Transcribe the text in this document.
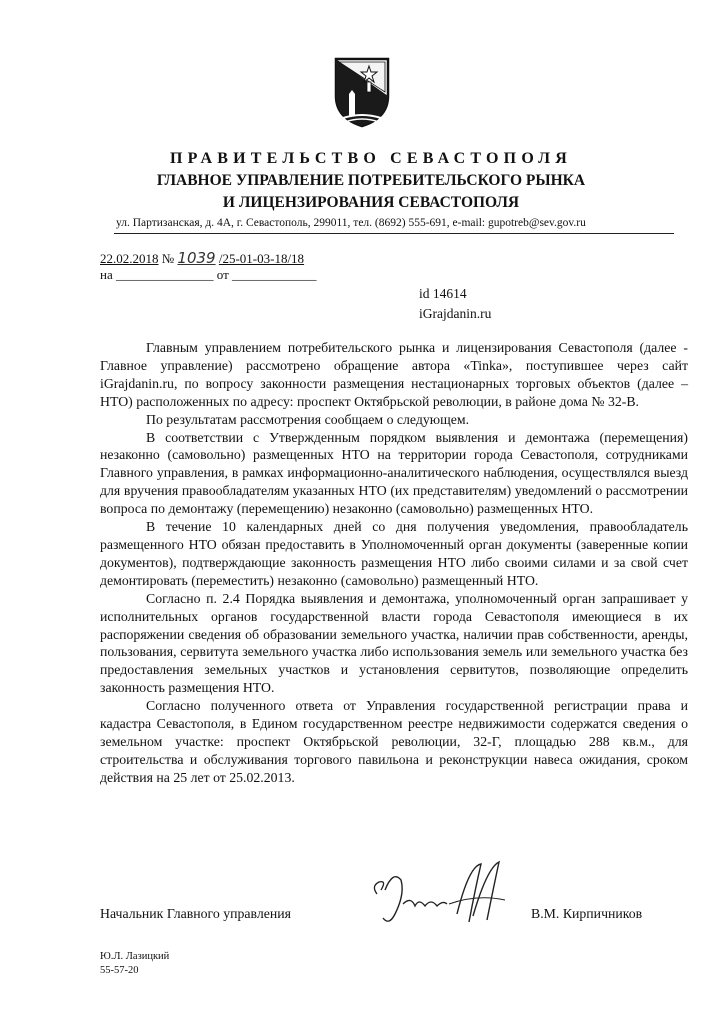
ПРАВИТЕЛЬСТВО СЕВАСТОПОЛЯ
ГЛАВНОЕ УПРАВЛЕНИЕ ПОТРЕБИТЕЛЬСКОГО РЫНКА
И ЛИЦЕНЗИРОВАНИЯ СЕВАСТОПОЛЯ
ул. Партизанская, д. 4А, г. Севастополь, 299011, тел. (8692) 555-691, e-mail: gupotreb@sev.gov.ru
22.02.2018 № 1039 /25-01-03-18/18
на _______________ от _____________
id 14614
iGrajdanin.ru

Главным управлением потребительского рынка и лицензирования Севастополя (далее - Главное управление) рассмотрено обращение автора «Tinka», поступившее через сайт iGrajdanin.ru, по вопросу законности размещения нестационарных торговых объектов (далее – НТО) расположенных по адресу: проспект Октябрьской революции, в районе дома № 32-В.

По результатам рассмотрения сообщаем о следующем.

В соответствии с Утвержденным порядком выявления и демонтажа (перемещения) незаконно (самовольно) размещенных НТО на территории города Севастополя, сотрудниками Главного управления, в рамках информационно-аналитического наблюдения, осуществлялся выезд для вручения правообладателям указанных НТО (их представителям) уведомлений о рассмотрении вопроса по демонтажу (перемещению) незаконно (самовольно) размещенных НТО.

В течение 10 календарных дней со дня получения уведомления, правообладатель размещенного НТО обязан предоставить в Уполномоченный орган документы (заверенные копии документов), подтверждающие законность размещения НТО либо своими силами и за свой счет демонтировать (переместить) незаконно (самовольно) размещенный НТО.

Согласно п. 2.4 Порядка выявления и демонтажа, уполномоченный орган запрашивает у исполнительных органов государственной власти города Севастополя имеющиеся в их распоряжении сведения об образовании земельного участка, наличии прав собственности, аренды, пользования, сервитута земельного участка либо использования земель или земельного участка без предоставления земельных участков и установления сервитутов, позволяющие определить законность размещения НТО.

Согласно полученного ответа от Управления государственной регистрации права и кадастра Севастополя, в Едином государственном реестре недвижимости содержатся сведения о земельном участке: проспект Октябрьской революции, 32-Г, площадью 288 кв.м., для строительства и обслуживания торгового павильона и реконструкции навеса ожидания, сроком действия на 25 лет от 25.02.2013.

Начальник Главного управления	В.М. Кирпичников
Ю.Л. Лазицкий
55-57-20
